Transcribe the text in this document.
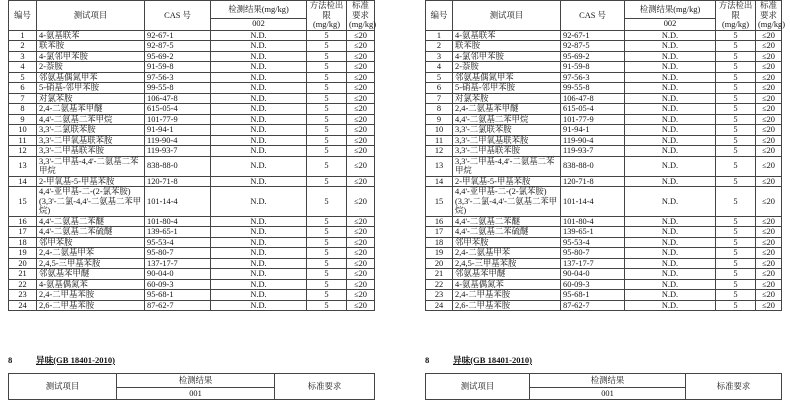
编号	测试项目	CAS 号	检测结果(mg/kg)	方法检出限
(mg/kg)	标准要求
(mg/kg)
			002		
1	4-氨基联苯	92-67-1	N.D.	5	≤20
2	联苯胺	92-87-5	N.D.	5	≤20
3	4-氯邻甲苯胺	95-69-2	N.D.	5	≤20
4	2-萘胺	91-59-8	N.D.	5	≤20
5	邻氨基偶氮甲苯	97-56-3	N.D.	5	≤20
6	5-硝基-邻甲苯胺	99-55-8	N.D.	5	≤20
7	对氯苯胺	106-47-8	N.D.	5	≤20
8	2,4-二氨基苯甲醚	615-05-4	N.D.	5	≤20
9	4,4'-二氨基二苯甲烷	101-77-9	N.D.	5	≤20
10	3,3'-二氯联苯胺	91-94-1	N.D.	5	≤20
11	3,3'-二甲氧基联苯胺	119-90-4	N.D.	5	≤20
12	3,3'-二甲基联苯胺	119-93-7	N.D.	5	≤20
13	3,3'-二甲基-4,4'-二氨基二苯甲烷	838-88-0	N.D.	5	≤20
14	2-甲氧基-5-甲基苯胺	120-71-8	N.D.	5	≤20
15	4,4'-亚甲基-二-(2-氯苯胺)(3,3'-二氯-4,4'-二氨基二苯甲烷)	101-14-4	N.D.	5	≤20
16	4,4'-二氨基二苯醚	101-80-4	N.D.	5	≤20
17	4,4'-二氨基二苯硫醚	139-65-1	N.D.	5	≤20
18	邻甲苯胺	95-53-4	N.D.	5	≤20
19	2,4-二氨基甲苯	95-80-7	N.D.	5	≤20
20	2,4,5-三甲基苯胺	137-17-7	N.D.	5	≤20
21	邻氨基苯甲醚	90-04-0	N.D.	5	≤20
22	4-氨基偶氮苯	60-09-3	N.D.	5	≤20
23	2,4-二甲基苯胺	95-68-1	N.D.	5	≤20
24	2,6-二甲基苯胺	87-62-7	N.D.	5	≤20
8	异味(GB 18401-2010)
测试项目	检测结果	标准要求
001
编号	测试项目	CAS 号	检测结果(mg/kg)	方法检出限
(mg/kg)	标准要求
(mg/kg)
			002		
1	4-氨基联苯	92-67-1	N.D.	5	≤20
2	联苯胺	92-87-5	N.D.	5	≤20
3	4-氯邻甲苯胺	95-69-2	N.D.	5	≤20
4	2-萘胺	91-59-8	N.D.	5	≤20
5	邻氨基偶氮甲苯	97-56-3	N.D.	5	≤20
6	5-硝基-邻甲苯胺	99-55-8	N.D.	5	≤20
7	对氯苯胺	106-47-8	N.D.	5	≤20
8	2,4-二氨基苯甲醚	615-05-4	N.D.	5	≤20
9	4,4'-二氨基二苯甲烷	101-77-9	N.D.	5	≤20
10	3,3'-二氯联苯胺	91-94-1	N.D.	5	≤20
11	3,3'-二甲氧基联苯胺	119-90-4	N.D.	5	≤20
12	3,3'-二甲基联苯胺	119-93-7	N.D.	5	≤20
13	3,3'-二甲基-4,4'-二氨基二苯甲烷	838-88-0	N.D.	5	≤20
14	2-甲氧基-5-甲基苯胺	120-71-8	N.D.	5	≤20
15	4,4'-亚甲基-二-(2-氯苯胺)(3,3'-二氯-4,4'-二氨基二苯甲烷)	101-14-4	N.D.	5	≤20
16	4,4'-二氨基二苯醚	101-80-4	N.D.	5	≤20
17	4,4'-二氨基二苯硫醚	139-65-1	N.D.	5	≤20
18	邻甲苯胺	95-53-4	N.D.	5	≤20
19	2,4-二氨基甲苯	95-80-7	N.D.	5	≤20
20	2,4,5-三甲基苯胺	137-17-7	N.D.	5	≤20
21	邻氨基苯甲醚	90-04-0	N.D.	5	≤20
22	4-氨基偶氮苯	60-09-3	N.D.	5	≤20
23	2,4-二甲基苯胺	95-68-1	N.D.	5	≤20
24	2,6-二甲基苯胺	87-62-7	N.D.	5	≤20
8	异味(GB 18401-2010)
测试项目	检测结果	标准要求
001
